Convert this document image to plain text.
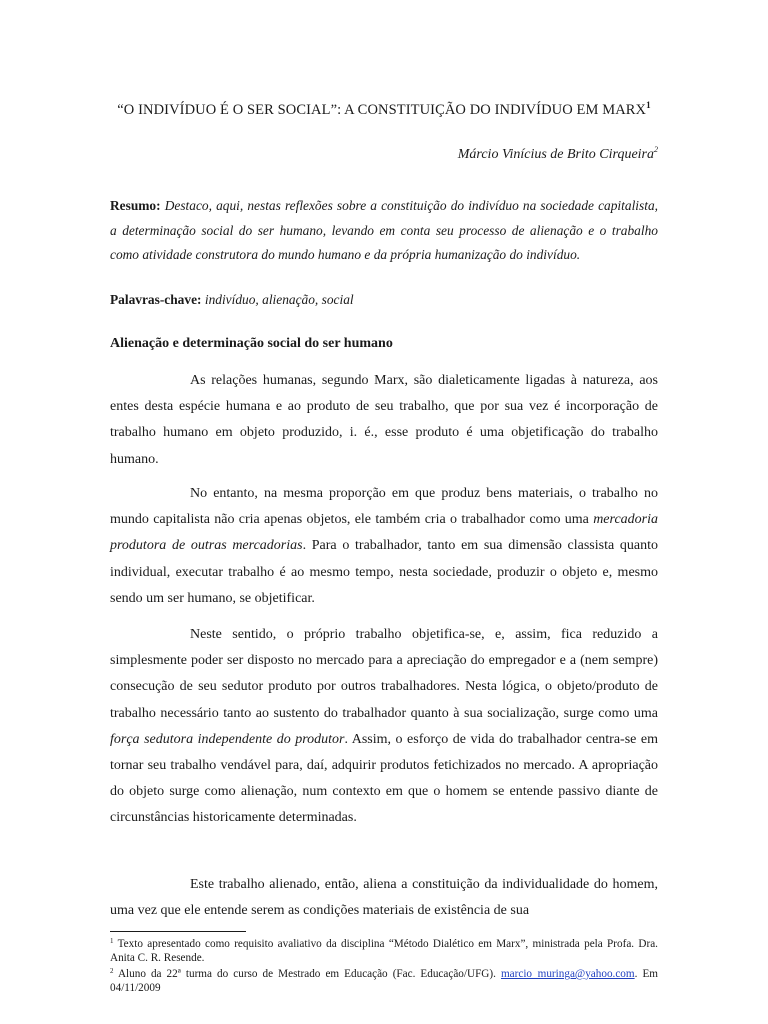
“O INDIVÍDUO É O SER SOCIAL”: A CONSTITUIÇÃO DO INDIVÍDUO EM MARX$^1$
Márcio Vinícius de Brito Cirqueira$^2$
Resumo: Destaco, aqui, nestas reflexões sobre a constituição do indivíduo na sociedade capitalista, a determinação social do ser humano, levando em conta seu processo de alienação e o trabalho como atividade construtora do mundo humano e da própria humanização do indivíduo.
Palavras-chave: indivíduo, alienação, social
Alienação e determinação social do ser humano

As relações humanas, segundo Marx, são dialeticamente ligadas à natureza, aos entes desta espécie humana e ao produto de seu trabalho, que por sua vez é incorporação de trabalho humano em objeto produzido, i. é., esse produto é uma objetificação do trabalho humano.

No entanto, na mesma proporção em que produz bens materiais, o trabalho no mundo capitalista não cria apenas objetos, ele também cria o trabalhador como uma mercadoria produtora de outras mercadorias. Para o trabalhador, tanto em sua dimensão classista quanto individual, executar trabalho é ao mesmo tempo, nesta sociedade, produzir o objeto e, mesmo sendo um ser humano, se objetificar.

Neste sentido, o próprio trabalho objetifica-se, e, assim, fica reduzido a simplesmente poder ser disposto no mercado para a apreciação do empregador e a (nem sempre) consecução de seu sedutor produto por outros trabalhadores. Nesta lógica, o objeto/produto de trabalho necessário tanto ao sustento do trabalhador quanto à sua socialização, surge como uma força sedutora independente do produtor. Assim, o esforço de vida do trabalhador centra-se em tornar seu trabalho vendável para, daí, adquirir produtos fetichizados no mercado. A apropriação do objeto surge como alienação, num contexto em que o homem se entende passivo diante de circunstâncias historicamente determinadas.

Este trabalho alienado, então, aliena a constituição da individualidade do homem, uma vez que ele entende serem as condições materiais de existência de sua

$^1$ Texto apresentado como requisito avaliativo da disciplina “Método Dialético em Marx”, ministrada pela Profa. Dra. Anita C. R. Resende.
$^2$ Aluno da 22ª turma do curso de Mestrado em Educação (Fac. Educação/UFG). marcio_muringa@yahoo.com. Em 04/11/2009
